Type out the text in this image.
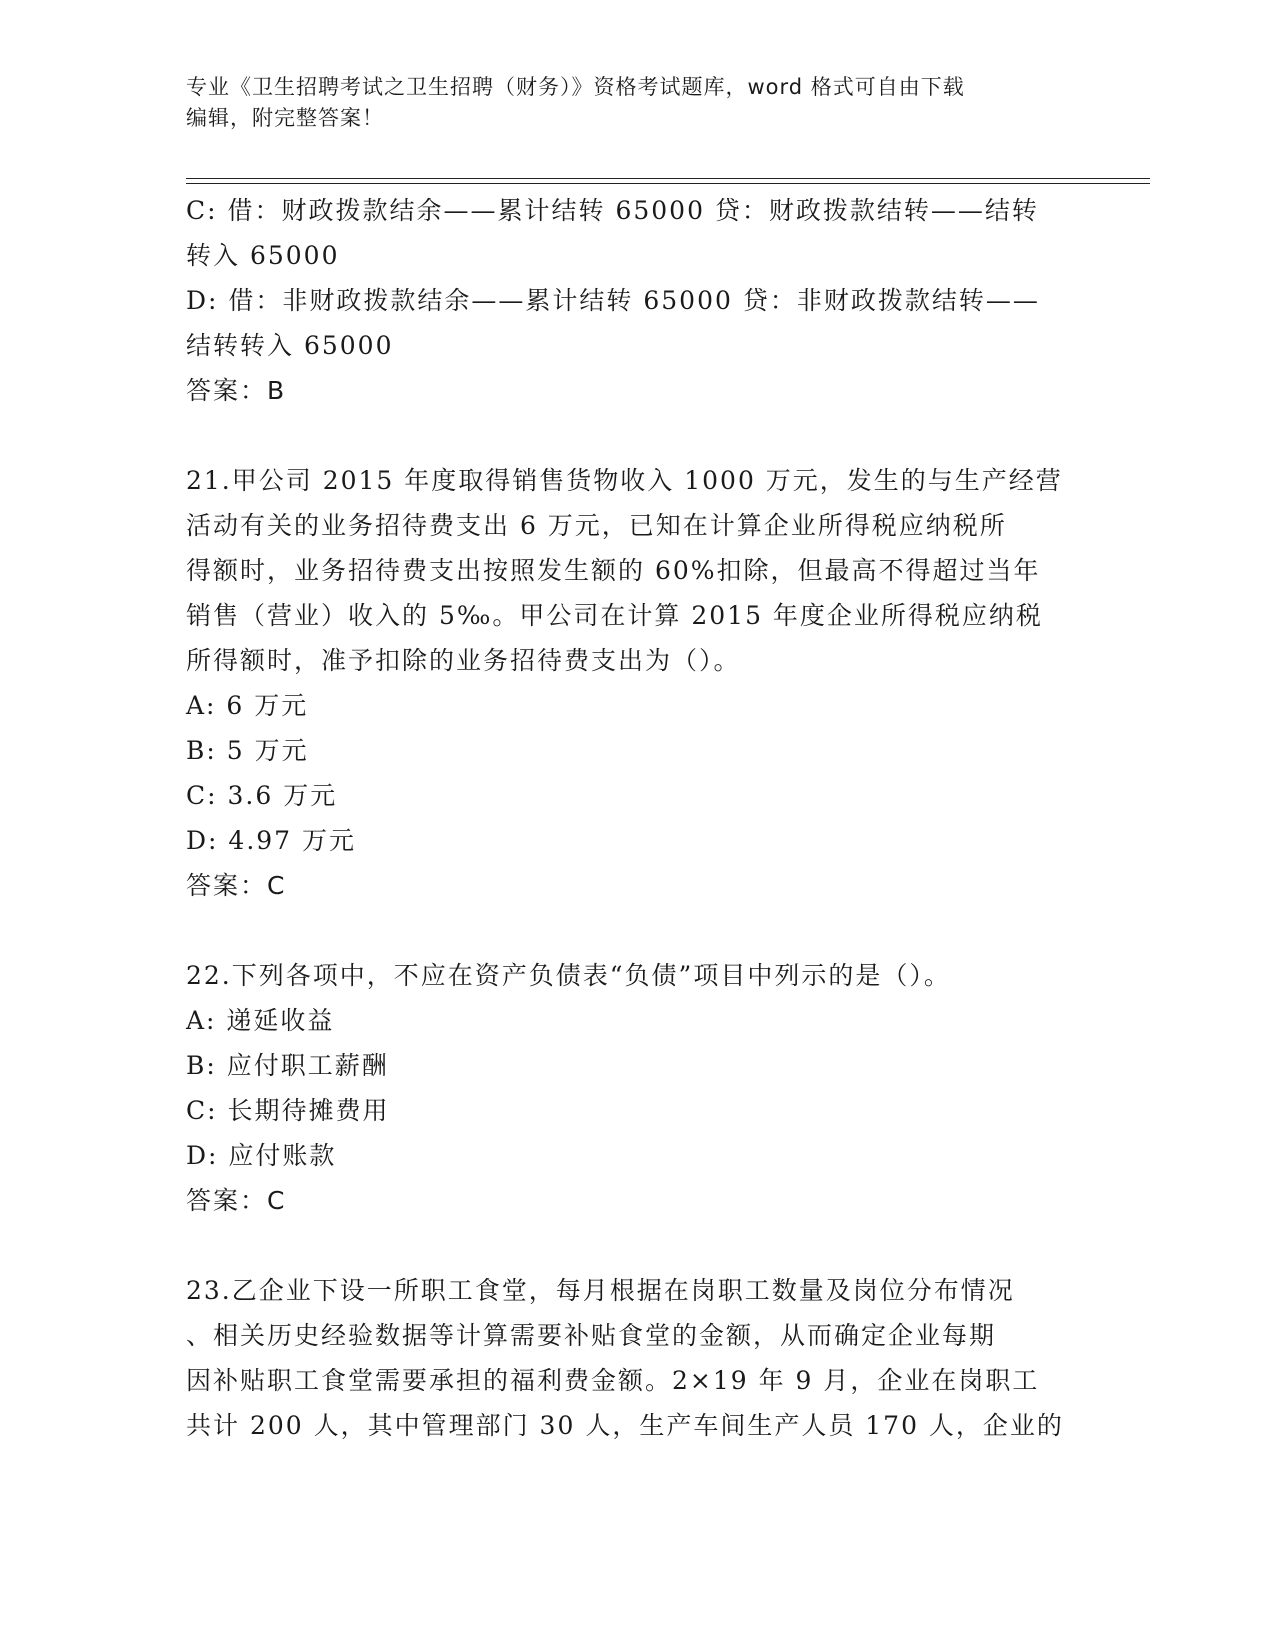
专业《卫生招聘考试之卫生招聘（财务）》资格考试题库，word 格式可自由下载
编辑，附完整答案！
C: 借：财政拨款结余——累计结转 65000 贷：财政拨款结转——结转
转入 65000
D: 借：非财政拨款结余——累计结转 65000 贷：非财政拨款结转——
结转转入 65000
答案：B
21.甲公司 2015 年度取得销售货物收入 1000 万元，发生的与生产经营
活动有关的业务招待费支出 6 万元，已知在计算企业所得税应纳税所
得额时，业务招待费支出按照发生额的 60%扣除，但最高不得超过当年
销售（营业）收入的 5‰。甲公司在计算 2015 年度企业所得税应纳税
所得额时，准予扣除的业务招待费支出为（）。
A: 6 万元
B: 5 万元
C: 3.6 万元
D: 4.97 万元
答案：C
22.下列各项中，不应在资产负债表“负债”项目中列示的是（）。
A: 递延收益
B: 应付职工薪酬
C: 长期待摊费用
D: 应付账款
答案：C
23.乙企业下设一所职工食堂，每月根据在岗职工数量及岗位分布情况
、相关历史经验数据等计算需要补贴食堂的金额，从而确定企业每期
因补贴职工食堂需要承担的福利费金额。2×19 年 9 月，企业在岗职工
共计 200 人，其中管理部门 30 人，生产车间生产人员 170 人，企业的
